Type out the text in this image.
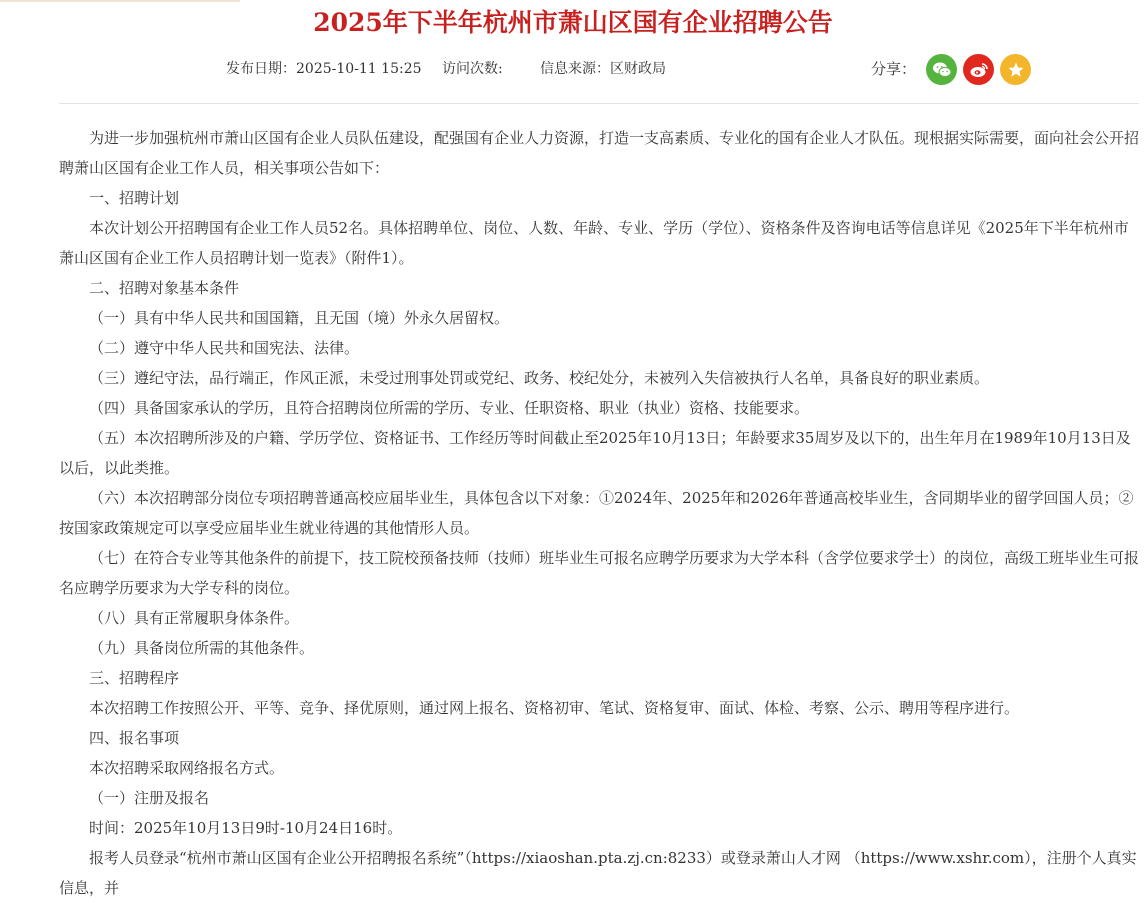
2025年下半年杭州市萧山区国有企业招聘公告
发布日期：2025-10-11 15:25 访问次数:	信息来源：区财政局	分享：

为进一步加强杭州市萧山区国有企业人员队伍建设，配强国有企业人力资源，打造一支高素质、专业化的国有企业人才队伍。现根据实际需要，面向社会公开招聘萧山区国有企业工作人员，相关事项公告如下：

一、招聘计划

本次计划公开招聘国有企业工作人员52名。具体招聘单位、岗位、人数、年龄、专业、学历（学位）、资格条件及咨询电话等信息详见《2025年下半年杭州市萧山区国有企业工作人员招聘计划一览表》（附件1）。

二、招聘对象基本条件

（一）具有中华人民共和国国籍，且无国（境）外永久居留权。

（二）遵守中华人民共和国宪法、法律。

（三）遵纪守法，品行端正，作风正派，未受过刑事处罚或党纪、政务、校纪处分，未被列入失信被执行人名单，具备良好的职业素质。

（四）具备国家承认的学历，且符合招聘岗位所需的学历、专业、任职资格、职业（执业）资格、技能要求。

（五）本次招聘所涉及的户籍、学历学位、资格证书、工作经历等时间截止至2025年10月13日；年龄要求35周岁及以下的，出生年月在1989年10月13日及以后，以此类推。

（六）本次招聘部分岗位专项招聘普通高校应届毕业生，具体包含以下对象：①2024年、2025年和2026年普通高校毕业生，含同期毕业的留学回国人员；②按国家政策规定可以享受应届毕业生就业待遇的其他情形人员。

（七）在符合专业等其他条件的前提下，技工院校预备技师（技师）班毕业生可报名应聘学历要求为大学本科（含学位要求学士）的岗位，高级工班毕业生可报名应聘学历要求为大学专科的岗位。

（八）具有正常履职身体条件。

（九）具备岗位所需的其他条件。

三、招聘程序

本次招聘工作按照公开、平等、竞争、择优原则，通过网上报名、资格初审、笔试、资格复审、面试、体检、考察、公示、聘用等程序进行。

四、报名事项

本次招聘采取网络报名方式。

（一）注册及报名

时间：2025年10月13日9时-10月24日16时。

报考人员登录“杭州市萧山区国有企业公开招聘报名系统”（https://xiaoshan.pta.zj.cn:8233）或登录萧山人才网 （https://www.xshr.com），注册个人真实信息，并
